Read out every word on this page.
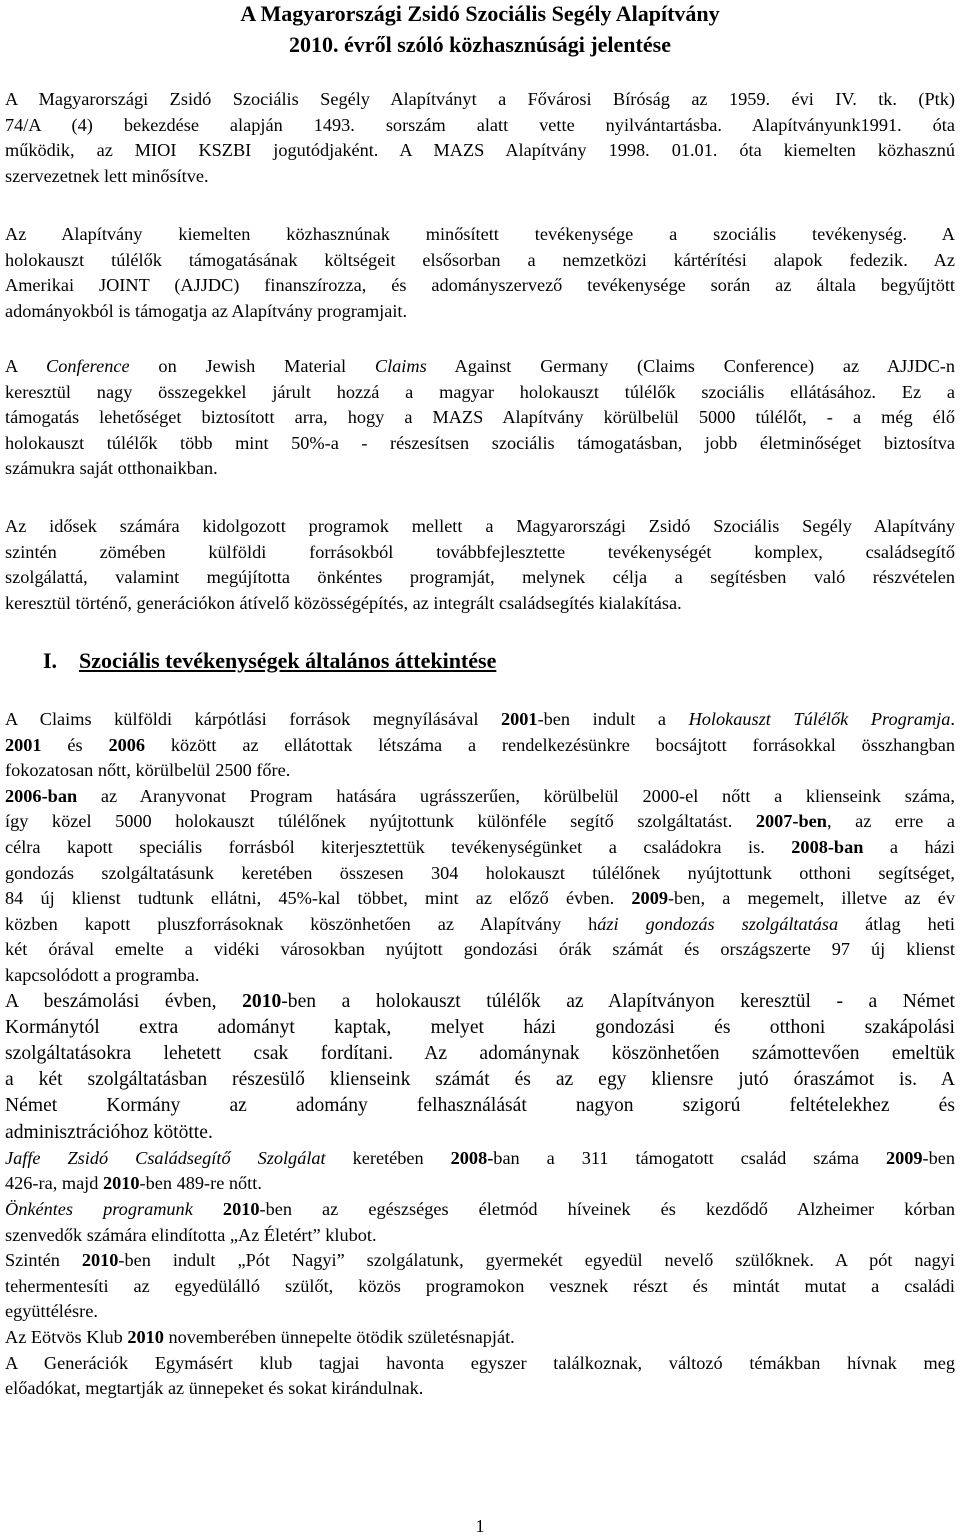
A Magyarországi Zsidó Szociális Segély Alapítvány
2010. évről szóló közhasznúsági jelentése
A Magyarországi Zsidó Szociális Segély Alapítványt a Fővárosi Bíróság az 1959. évi IV. tk. (Ptk)
74/A (4) bekezdése alapján 1493. sorszám alatt vette nyilvántartásba. Alapítványunk1991. óta
működik, az MIOI KSZBI jogutódjaként. A MAZS Alapítvány 1998. 01.01. óta kiemelten közhasznú
szervezetnek lett minősítve.
Az Alapítvány kiemelten közhasznúnak minősített tevékenysége a szociális tevékenység. A
holokauszt túlélők támogatásának költségeit elsősorban a nemzetközi kártérítési alapok fedezik. Az
Amerikai JOINT (AJJDC) finanszírozza, és adományszervező tevékenysége során az általa begyűjtött
adományokból is támogatja az Alapítvány programjait.
A Conference on Jewish Material Claims Against Germany (Claims Conference) az AJJDC-n
keresztül nagy összegekkel járult hozzá a magyar holokauszt túlélők szociális ellátásához. Ez a
támogatás lehetőséget biztosított arra, hogy a MAZS Alapítvány körülbelül 5000 túlélőt, - a még élő
holokauszt túlélők több mint 50%-a - részesítsen szociális támogatásban, jobb életminőséget biztosítva
számukra saját otthonaikban.
Az idősek számára kidolgozott programok mellett a Magyarországi Zsidó Szociális Segély Alapítvány
szintén zömében külföldi forrásokból továbbfejlesztette tevékenységét komplex, családsegítő
szolgálattá, valamint megújította önkéntes programját, melynek célja a segítésben való részvételen
keresztül történő, generációkon átívelő közösségépítés, az integrált családsegítés kialakítása.
I. Szociális tevékenységek általános áttekintése
A Claims külföldi kárpótlási források megnyílásával 2001-ben indult a Holokauszt Túlélők Programja.
2001 és 2006 között az ellátottak létszáma a rendelkezésünkre bocsájtott forrásokkal összhangban
fokozatosan nőtt, körülbelül 2500 főre.
2006-ban az Aranyvonat Program hatására ugrásszerűen, körülbelül 2000-el nőtt a klienseink száma,
így közel 5000 holokauszt túlélőnek nyújtottunk különféle segítő szolgáltatást. 2007-ben, az erre a
célra kapott speciális forrásból kiterjesztettük tevékenységünket a családokra is. 2008-ban a házi
gondozás szolgáltatásunk keretében összesen 304 holokauszt túlélőnek nyújtottunk otthoni segítséget,
84 új klienst tudtunk ellátni, 45%-kal többet, mint az előző évben. 2009-ben, a megemelt, illetve az év
közben kapott pluszforrásoknak köszönhetően az Alapítvány házi gondozás szolgáltatása átlag heti
két órával emelte a vidéki városokban nyújtott gondozási órák számát és országszerte 97 új klienst
kapcsolódott a programba.
A beszámolási évben, 2010-ben a holokauszt túlélők az Alapítványon keresztül - a Német
Kormánytól extra adományt kaptak, melyet házi gondozási és otthoni szakápolási
szolgáltatásokra lehetett csak fordítani. Az adománynak köszönhetően számottevően emeltük
a két szolgáltatásban részesülő klienseink számát és az egy kliensre jutó óraszámot is. A
Német Kormány az adomány felhasználását nagyon szigorú feltételekhez és
adminisztrációhoz kötötte.
Jaffe Zsidó Családsegítő Szolgálat keretében 2008-ban a 311 támogatott család száma 2009-ben
426-ra, majd 2010-ben 489-re nőtt.
Önkéntes programunk 2010-ben az egészséges életmód híveinek és kezdődő Alzheimer kórban
szenvedők számára elindította „Az Életért” klubot.
Szintén 2010-ben indult „Pót Nagyi” szolgálatunk, gyermekét egyedül nevelő szülőknek. A pót nagyi
tehermentesíti az egyedülálló szülőt, közös programokon vesznek részt és mintát mutat a családi
együttélésre.
Az Eötvös Klub 2010 novemberében ünnepelte ötödik születésnapját.
A Generációk Egymásért klub tagjai havonta egyszer találkoznak, változó témákban hívnak meg
előadókat, megtartják az ünnepeket és sokat kirándulnak.
1
